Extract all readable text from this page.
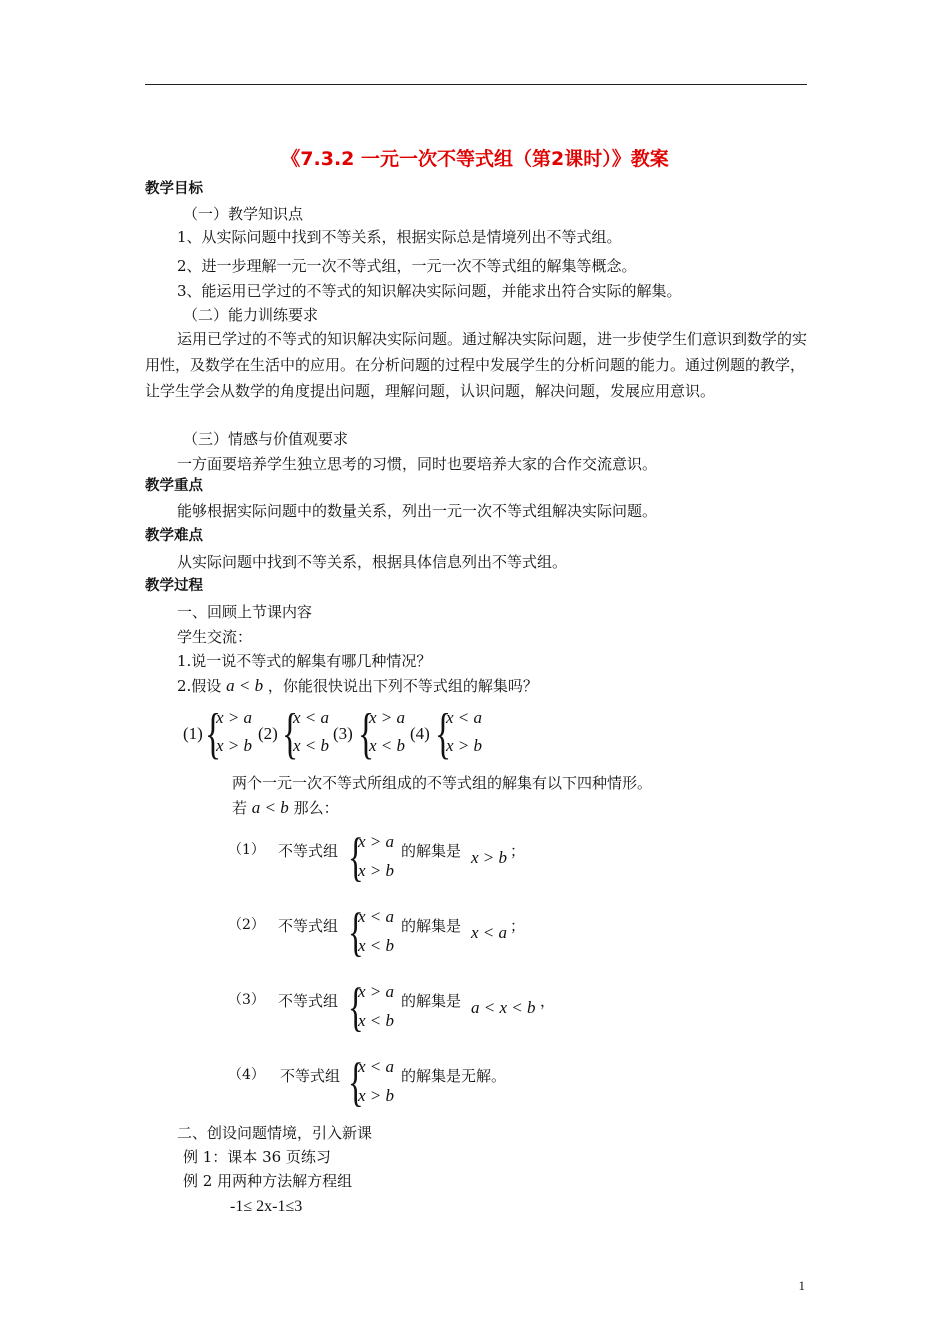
《7.3.2 一元一次不等式组（第2课时）》教案
教学目标
（一）教学知识点
1、从实际问题中找到不等关系，根据实际总是情境列出不等式组。
2、进一步理解一元一次不等式组，一元一次不等式组的解集等概念。
3、能运用已学过的不等式的知识解决实际问题，并能求出符合实际的解集。
（二）能力训练要求
运用已学过的不等式的知识解决实际问题。通过解决实际问题，进一步使学生们意识到数学的实用性，及数学在生活中的应用。在分析问题的过程中发展学生的分析问题的能力。通过例题的教学，让学生学会从数学的角度提出问题，理解问题，认识问题，解决问题，发展应用意识。
（三）情感与价值观要求
一方面要培养学生独立思考的习惯，同时也要培养大家的合作交流意识。
教学重点
能够根据实际问题中的数量关系，列出一元一次不等式组解决实际问题。
教学难点
从实际问题中找到不等关系，根据具体信息列出不等式组。
教学过程
一、回顾上节课内容
学生交流：
1.说一说不等式的解集有哪几种情况？
2.假设 a < b ，你能很快说出下列不等式组的解集吗？
(1) {
x > a
x > b
(2) {
x < a
x < b
(3) {
x > a
x < b
(4) {
x < a
x > b
两个一元一次不等式所组成的不等式组的解集有以下四种情形。
若 a < b 那么：
（1） 不等式组 {
x > a
x > b
的解集是 x > b ；
（2） 不等式组 {
x < a
x < b
的解集是 x < a ；
（3） 不等式组 {
x > a
x < b
的解集是 a < x < b ，
（4） 不等式组 {
x < a
x > b
的解集是无解。
二、创设问题情境，引入新课
例 1：课本 36 页练习
例 2 用两种方法解方程组
-1≤ 2x-1≤3
1
